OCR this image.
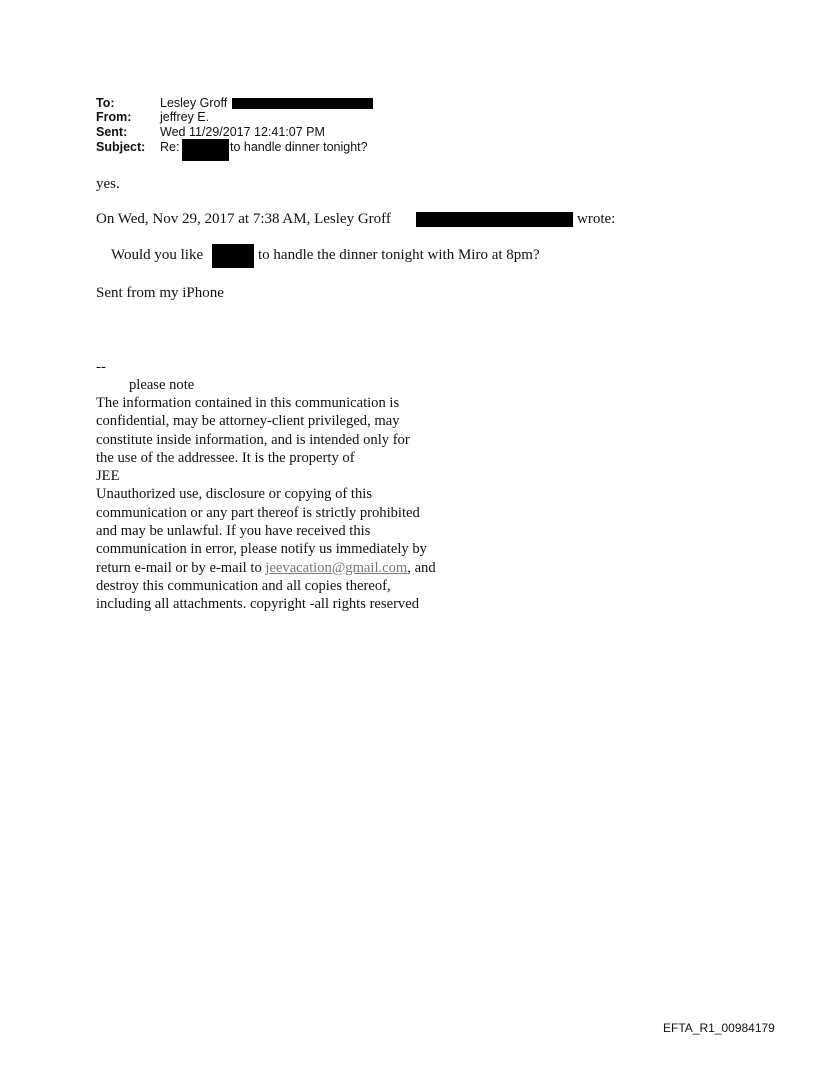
To:	Lesley Groff
From: jeffrey E.
Sent:	Wed 11/29/2017 12:41:07 PM
Subject: Re:	to handle dinner tonight?
yes.
On Wed, Nov 29, 2017 at 7:38 AM, Lesley Groff	wrote:
Would you like	to handle the dinner tonight with Miro at 8pm?
Sent from my iPhone
--
please note
The information contained in this communication is
confidential, may be attorney-client privileged, may
constitute inside information, and is intended only for
the use of the addressee. It is the property of
JEE
Unauthorized use, disclosure or copying of this
communication or any part thereof is strictly prohibited
and may be unlawful. If you have received this
communication in error, please notify us immediately by
return e-mail or by e-mail to jeevacation@gmail.com, and
destroy this communication and all copies thereof,
including all attachments. copyright -all rights reserved
EFTA_R1_00984179
